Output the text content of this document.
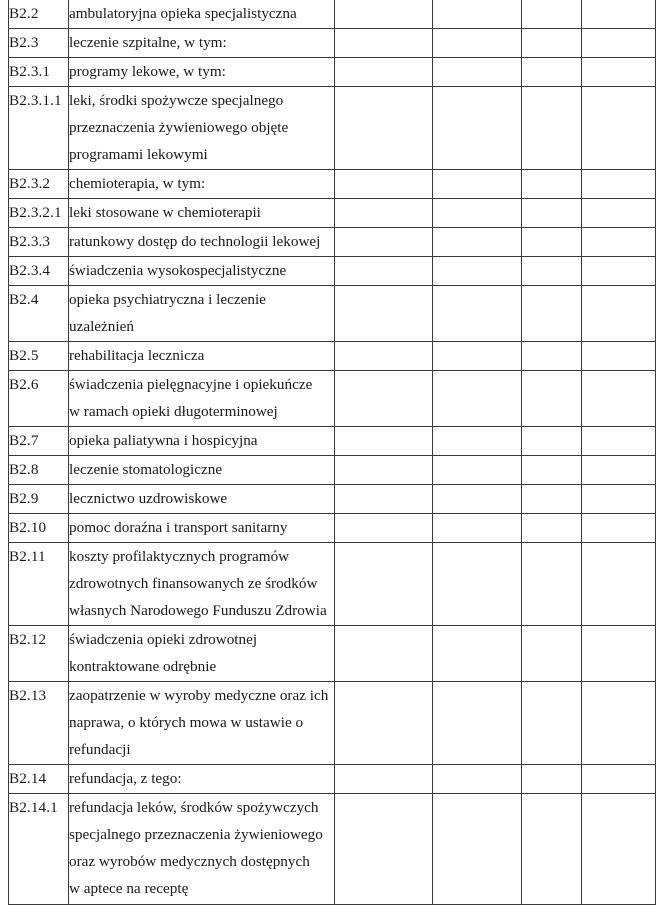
B2.2	ambulatoryjna opieka specjalistyczna				

B2.3	leczenie szpitalne, w tym:				

B2.3.1	programy lekowe, w tym:				

B2.3.1.1	leki, środki spożywcze specjalnego
przeznaczenia żywieniowego objęte
programami lekowymi				

B2.3.2	chemioterapia, w tym:				

B2.3.2.1	leki stosowane w chemioterapii				

B2.3.3	ratunkowy dostęp do technologii lekowej				

B2.3.4	świadczenia wysokospecjalistyczne				

B2.4	opieka psychiatryczna i leczenie
uzależnień				

B2.5	rehabilitacja lecznicza				

B2.6	świadczenia pielęgnacyjne i opiekuńcze
w ramach opieki długoterminowej				

B2.7	opieka paliatywna i hospicyjna				

B2.8	leczenie stomatologiczne				

B2.9	lecznictwo uzdrowiskowe				

B2.10	pomoc doraźna i transport sanitarny				

B2.11	koszty profilaktycznych programów
zdrowotnych finansowanych ze środków
własnych Narodowego Funduszu Zdrowia				

B2.12	świadczenia opieki zdrowotnej
kontraktowane odrębnie				

B2.13	zaopatrzenie w wyroby medyczne oraz ich
naprawa, o których mowa w ustawie o
refundacji				

B2.14	refundacja, z tego:				

B2.14.1	refundacja leków, środków spożywczych
specjalnego przeznaczenia żywieniowego
oraz wyrobów medycznych dostępnych
w aptece na receptę				
